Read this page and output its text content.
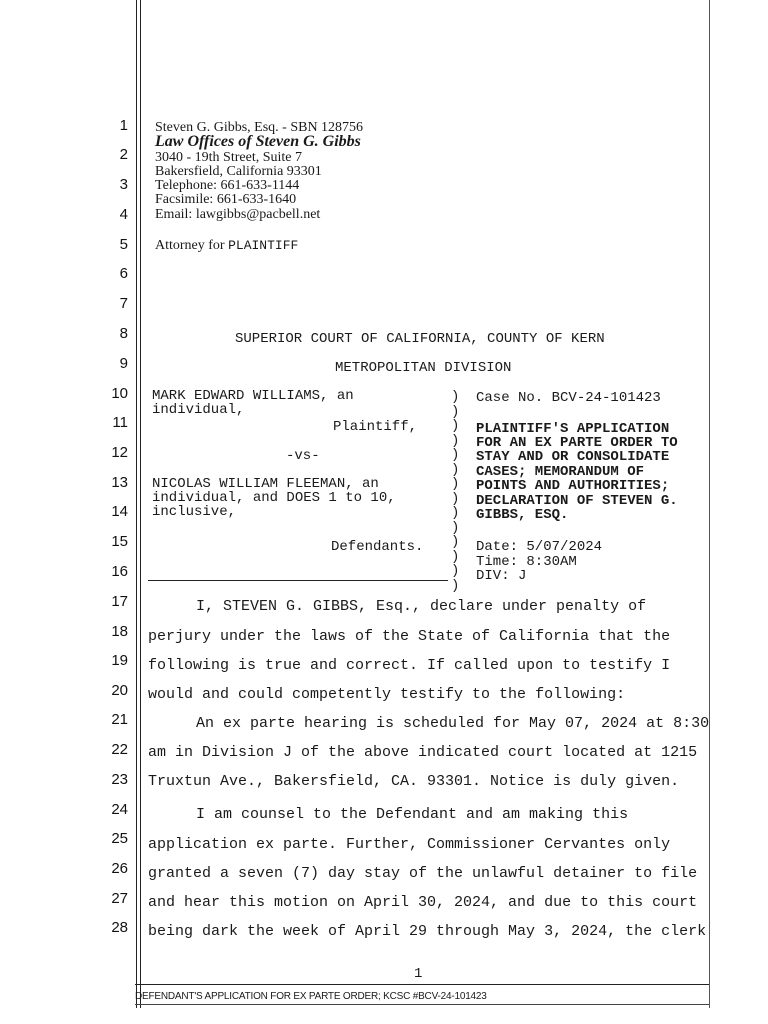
1
2
3
4
5
6
7
8
9
10
11
12
13
14
15
16
17
18
19
20
21
22
23
24
25
26
27
28
Steven G. Gibbs, Esq. - SBN 128756
Law Offices of Steven G. Gibbs
3040 - 19th Street, Suite 7
Bakersfield, California 93301
Telephone: 661-633-1144
Facsimile: 661-633-1640
Email: lawgibbs@pacbell.net
Attorney for PLAINTIFF
SUPERIOR COURT OF CALIFORNIA, COUNTY OF KERN
METROPOLITAN DIVISION
MARK EDWARD WILLIAMS, an
individual,
Plaintiff,
-vs-
NICOLAS WILLIAM FLEEMAN, an
individual, and DOES 1 to 10,
inclusive,
Defendants.
)
)
)
)
)
)
)
)
)
)
)
)
)
)
Case No. BCV-24-101423
PLAINTIFF'S APPLICATION
FOR AN EX PARTE ORDER TO
STAY AND OR CONSOLIDATE
CASES; MEMORANDUM OF
POINTS AND AUTHORITIES;
DECLARATION OF STEVEN G.
GIBBS, ESQ.
Date: 5/07/2024
Time: 8:30AM
DIV: J
I, STEVEN G. GIBBS, Esq., declare under penalty of
perjury under the laws of the State of California that the
following is true and correct. If called upon to testify I
would and could competently testify to the following:
An ex parte hearing is scheduled for May 07, 2024 at 8:30
am in Division J of the above indicated court located at 1215
Truxtun Ave., Bakersfield, CA. 93301. Notice is duly given.
I am counsel to the Defendant and am making this
application ex parte. Further, Commissioner Cervantes only
granted a seven (7) day stay of the unlawful detainer to file
and hear this motion on April 30, 2024, and due to this court
being dark the week of April 29 through May 3, 2024, the clerk
1
DEFENDANT'S APPLICATION FOR EX PARTE ORDER; KCSC #BCV-24-101423
